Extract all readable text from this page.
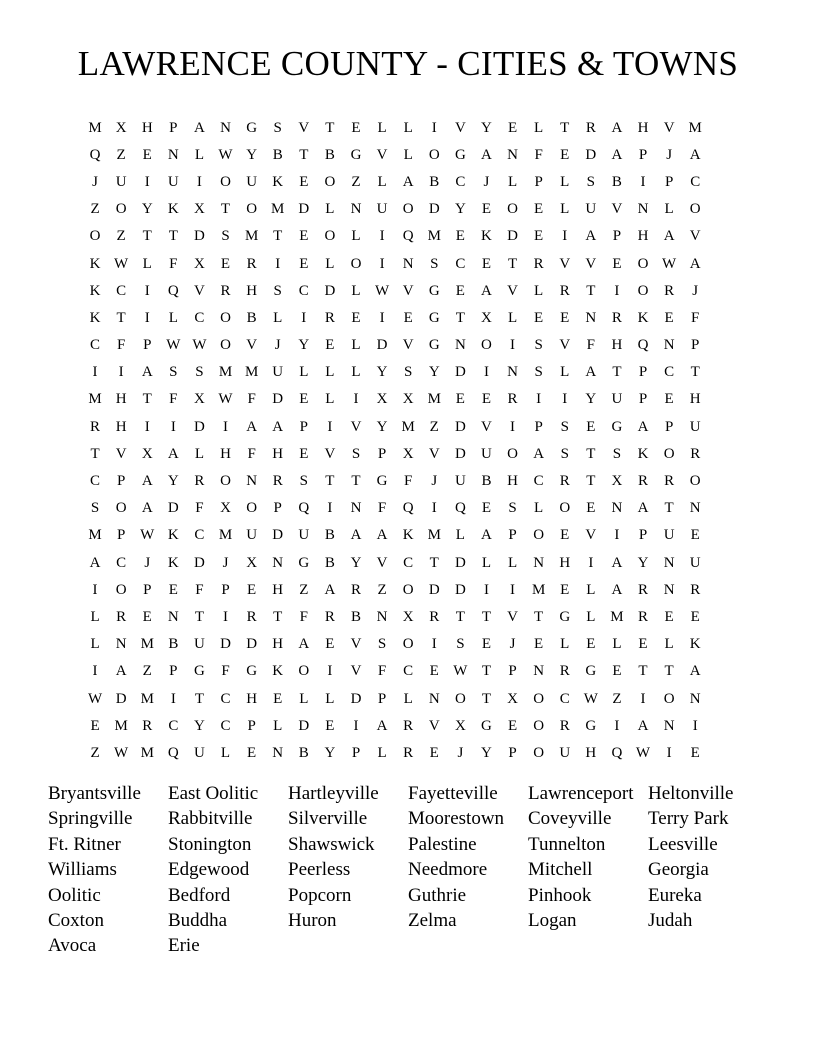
LAWRENCE COUNTY - CITIES & TOWNS
M X	H	P	A	N	G	S	V	T	E	L	L	I	V	Y	E	L	T	R	A	H	V M
Q	Z	E	N	L W Y	B	T	B	G	V	L	O	G	A	N	F	E	D	A	P	J	A
J	U	I	U	I	O	U	K	E	O	Z	L	A	B	C	J	L	P	L	S	B	I	P	C
Z	O	Y	K	X	T	O M D	L	N	U	O	D	Y	E	O	E	L	U	V	N	L	O
O	Z	T	T	D	S	M T	E	O	L	I	Q M E	K	D	E	I	A	P	H	A	V
K W L	F	X	E	R	I	E	L	O	I	N	S	C	E	T	R	V	V	E	O W A
K	C	I	Q	V	R	H	S	C	D	L W V	G	E	A	V	L	R	T	I	O	R	J
K	T	I	L	C	O	B	L	I	R	E	I	E	G	T	X	L	E	E	N	R	K	E	F
C	F	P W W O	V	J	Y	E	L	D	V	G	N	O	I	S	V	F	H	Q	N	P
I	I	A	S	S	M M U	L	L	L	Y	S	Y	D	I	N	S	L	A	T	P	C	T
M H	T	F	X W F	D	E	L	I	X	X M E	E	R	I	I	Y	U	P	E	H
R	H	I	I	D	I	A	A	P	I	V	Y M Z	D	V	I	P	S	E	G	A	P	U
T	V	X	A	L	H	F	H	E	V	S	P	X	V	D	U	O	A	S	T	S	K	O	R
C	P	A	Y	R	O	N	R	S	T	T	G	F	J	U	B	H	C	R	T	X	R	R	O
S	O	A	D	F	X	O	P	Q	I	N	F	Q	I	Q	E	S	L	O	E	N	A	T	N
M	P W K	C M U	D	U	B	A	A	K M L	A	P	O	E	V	I	P	U	E
A	C	J	K	D	J	X	N	G	B	Y	V	C	T	D	L	L	N	H	I	A	Y	N	U
I	O	P	E	F	P	E	H	Z	A	R	Z	O	D	D	I	I	M E	L	A	R	N	R
L	R	E	N	T	I	R	T	F	R	B	N	X	R	T	T	V	T	G	L M R	E	E
L	N M B	U	D	D	H	A	E	V	S	O	I	S	E	J	E	L	E	L	E	L	K
I	A	Z	P	G	F	G	K	O	I	V	F	C	E W T	P	N	R	G	E	T	T	A
W D M	I	T	C	H	E	L	L	D	P	L	N	O	T	X	O	C W Z	I	O	N
E M R	C	Y	C	P	L	D	E	I	A	R	V	X	G	E	O	R	G	I	A	N	I
Z W M Q	U	L	E	N	B	Y	P	L	R	E	J	Y	P	O	U	H	Q W	I	E
Bryantsville	East Oolitic	Hartleyville	Fayetteville	Lawrenceport Heltonville
Springville	Rabbitville	Silverville	Moorestown	Coveyville	Terry Park
Ft. Ritner	Stonington	Shawswick	Palestine	Tunnelton	Leesville
Williams	Edgewood	Peerless	Needmore	Mitchell	Georgia
Oolitic	Bedford	Popcorn	Guthrie	Pinhook	Eureka
Coxton	Buddha	Huron	Zelma	Logan	Judah
Avoca	Erie
